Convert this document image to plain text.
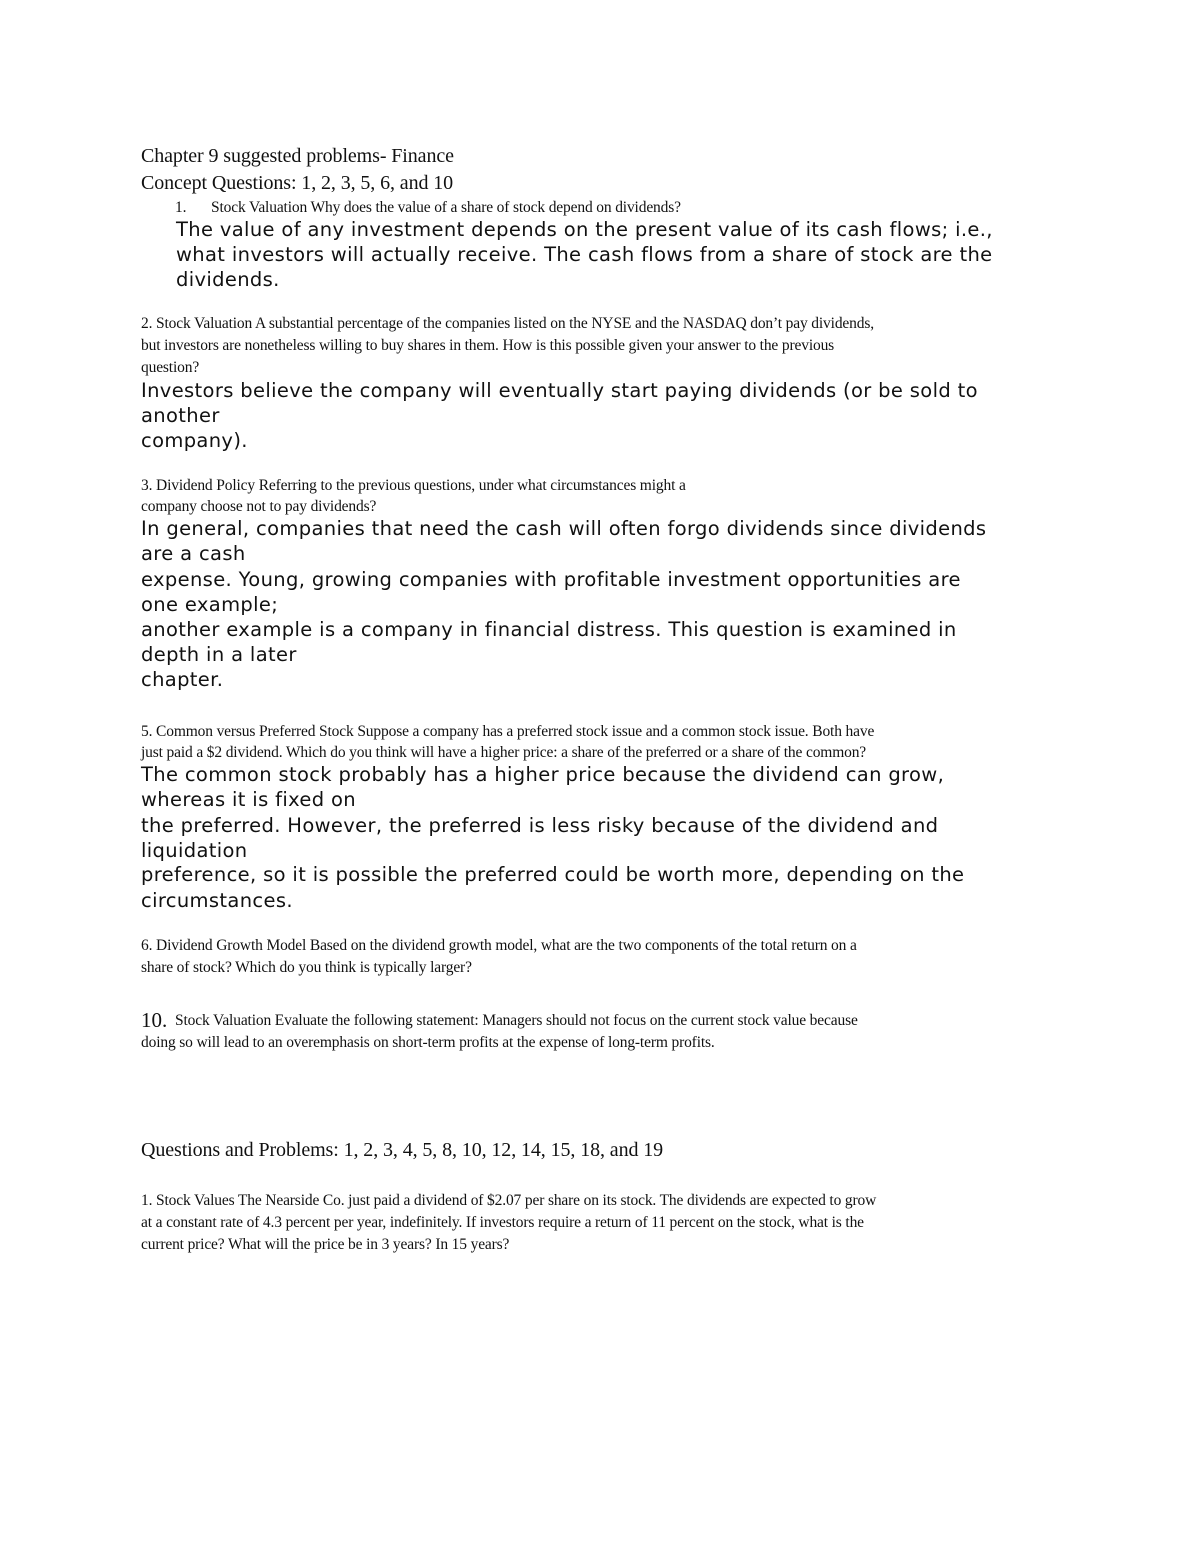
Chapter 9 suggested problems- Finance
Concept Questions: 1, 2, 3, 5, 6, and 10
1. Stock Valuation Why does the value of a share of stock depend on dividends?
The value of any investment depends on the present value of its cash flows; i.e.,
what investors will actually receive. The cash flows from a share of stock are the
dividends.
2. Stock Valuation A substantial percentage of the companies listed on the NYSE and the NASDAQ don’t pay dividends,
but investors are nonetheless willing to buy shares in them. How is this possible given your answer to the previous
question?
Investors believe the company will eventually start paying dividends (or be sold to
another
company).
3. Dividend Policy Referring to the previous questions, under what circumstances might a
company choose not to pay dividends?
In general, companies that need the cash will often forgo dividends since dividends
are a cash
expense. Young, growing companies with profitable investment opportunities are
one example;
another example is a company in financial distress. This question is examined in
depth in a later
chapter.
5. Common versus Preferred Stock Suppose a company has a preferred stock issue and a common stock issue. Both have
just paid a $2 dividend. Which do you think will have a higher price: a share of the preferred or a share of the common?
The common stock probably has a higher price because the dividend can grow,
whereas it is fixed on
the preferred. However, the preferred is less risky because of the dividend and
liquidation
preference, so it is possible the preferred could be worth more, depending on the
circumstances.
6. Dividend Growth Model Based on the dividend growth model, what are the two components of the total return on a
share of stock? Which do you think is typically larger?
10. Stock Valuation Evaluate the following statement: Managers should not focus on the current stock value because
doing so will lead to an overemphasis on short-term profits at the expense of long-term profits.
Questions and Problems: 1, 2, 3, 4, 5, 8, 10, 12, 14, 15, 18, and 19
1. Stock Values The Nearside Co. just paid a dividend of $2.07 per share on its stock. The dividends are expected to grow
at a constant rate of 4.3 percent per year, indefinitely. If investors require a return of 11 percent on the stock, what is the
current price? What will the price be in 3 years? In 15 years?
